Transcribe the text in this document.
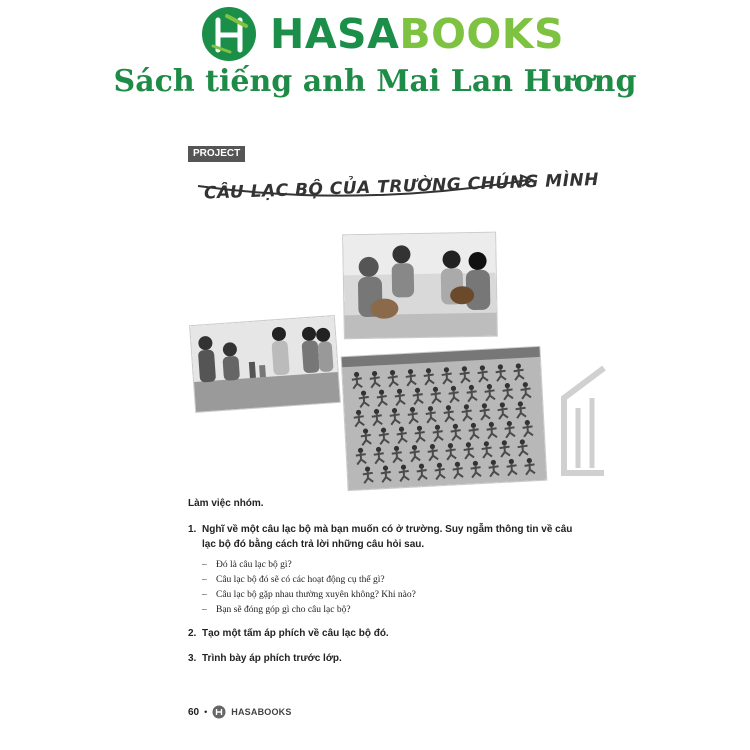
HASABOOKS
Sách tiếng anh Mai Lan Hương
PROJECT
CÂU LẠC BỘ CỦA TRƯỜNG CHÚNG MÌNH

Làm việc nhóm.

1. Nghĩ về một câu lạc bộ mà bạn muốn có ở trường. Suy ngẫm thông tin về câu lạc bộ đó bằng cách trả lời những câu hỏi sau.
– Đó là câu lạc bộ gì?
– Câu lạc bộ đó sẽ có các hoạt động cụ thể gì?
– Câu lạc bộ gặp nhau thường xuyên không? Khi nào?
– Bạn sẽ đóng góp gì cho câu lạc bộ?
2. Tạo một tấm áp phích về câu lạc bộ đó.
3. Trình bày áp phích trước lớp.
60 •	HASABOOKS
